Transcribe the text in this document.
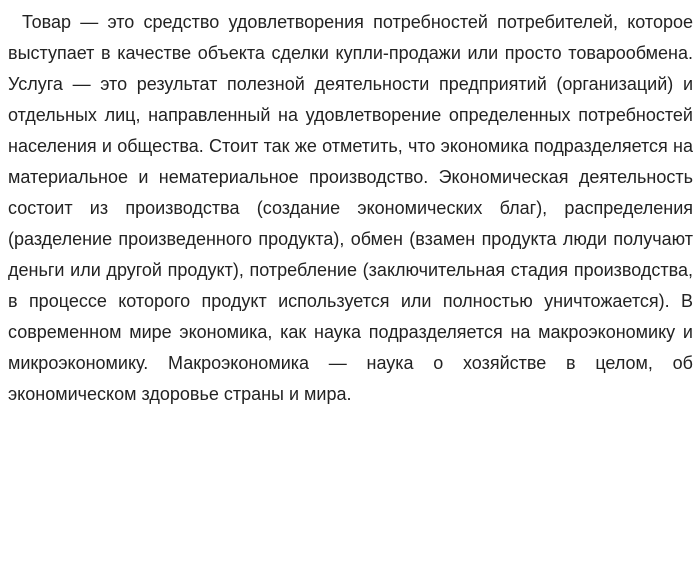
Товар — это средство удовлетворения потребностей потребителей, которое выступает в качестве объекта сделки купли-продажи или просто товарообмена. Услуга — это результат полезной деятельности предприятий (организаций) и отдельных лиц, направленный на удовлетворение определенных потребностей населения и общества. Стоит так же отметить, что экономика подразделяется на материальное и нематериальное производство. Экономическая деятельность состоит из производства (создание экономических благ), распределения (разделение произведенного продукта), обмен (взамен продукта люди получают деньги или другой продукт), потребление (заключительная стадия производства, в процессе которого продукт используется или полностью уничтожается). В современном мире экономика, как наука подразделяется на макроэкономику и микроэкономику. Макроэкономика — наука о хозяйстве в целом, об экономическом здоровье страны и мира.
